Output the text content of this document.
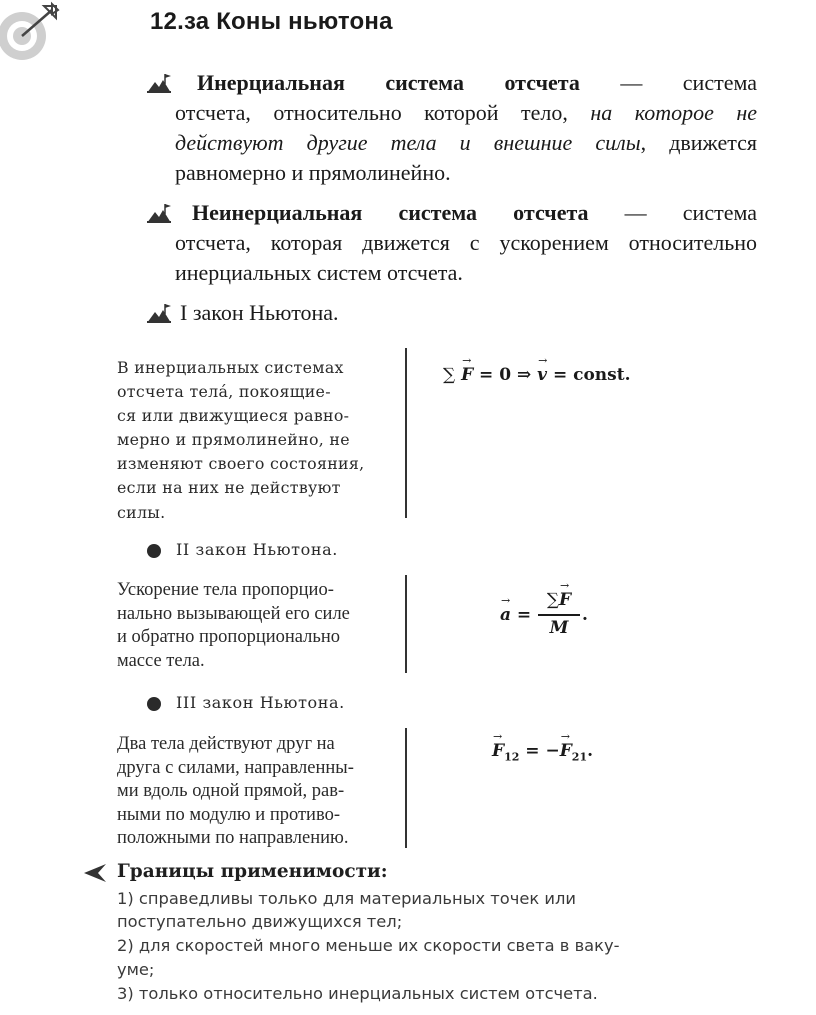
12.за Коны ньютона
Инерциальная система отсчета — система
отсчета, относительно которой тело, на которое не
действуют другие тела и внешние силы, движется
равномерно и прямолинейно.
Неинерциальная система отсчета — система
отсчета, которая движется с ускорением относительно
инерциальных систем отсчета.
I закон Ньютона.
В инерциальных системах
отсчета тела́, покоящие-
ся или движущиеся равно-
мерно и прямолинейно, не
изменяют своего состояния,
если на них не действуют
силы.
∑ → F = 0 ⇒ → v = const.
II закон Ньютона.
Ускорение тела пропорцио-
нально вызывающей его силе
и обратно пропорционально
массе тела.
→ a =
∑→ F
M
.
III закон Ньютона.
Два тела действуют друг на
друга с силами, направленны-
ми вдоль одной прямой, рав-
ными по модулю и противо-
положными по направлению.
→ $F_{12}$ = −→ $F_{21}$.
Границы применимости:
1) справедливы только для материальных точек или
поступательно движущихся тел;
2) для скоростей много меньше их скорости света в ваку-
уме;
3) только относительно инерциальных систем отсчета.
